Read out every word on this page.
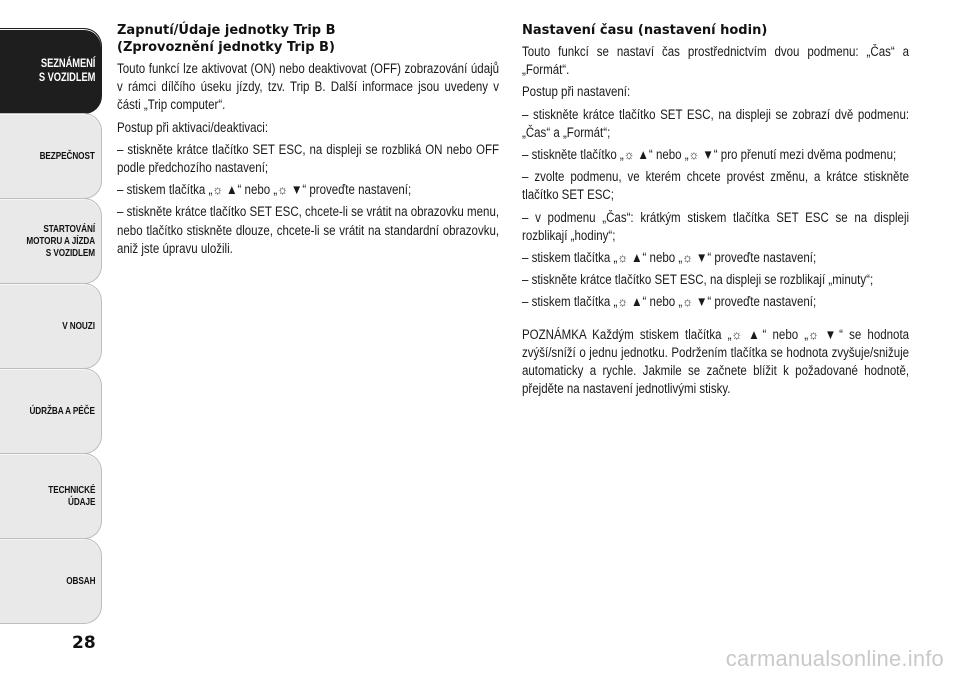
SEZNÁMENÍ
S VOZIDLEM
BEZPEČNOST
STARTOVÁNÍ
MOTORU A JÍZDA
S VOZIDLEM
V NOUZI
ÚDRŽBA A PÉČE
TECHNICKÉ
ÚDAJE
OBSAH
28
Zapnutí/Údaje jednotky Trip B
(Zprovoznění jednotky Trip B)

Touto funkcí lze aktivovat (ON) nebo deaktivovat (OFF) zobrazování údajů v rámci dílčího úseku jízdy, tzv. Trip B. Další informace jsou uvedeny v části „Trip computer“.

Postup při aktivaci/deaktivaci:

– stiskněte krátce tlačítko SET ESC, na displeji se rozbliká ON nebo OFF podle předchozího nastavení;

– stiskem tlačítka „☼ ▲“ nebo „☼ ▼“ proveďte nastavení;

– stiskněte krátce tlačítko SET ESC, chcete-li se vrátit na obrazovku menu, nebo tlačítko stiskněte dlouze, chcete-li se vrátit na standardní obrazovku, aniž jste úpravu uložili.

Nastavení času (nastavení hodin)

Touto funkcí se nastaví čas prostřednictvím dvou podmenu: „Čas“ a „Formát“.

Postup při nastavení:

– stiskněte krátce tlačítko SET ESC, na displeji se zobrazí dvě podmenu: „Čas“ a „Formát“;

– stiskněte tlačítko „☼ ▲“ nebo „☼ ▼“ pro přenutí mezi dvěma podmenu;

– zvolte podmenu, ve kterém chcete provést změnu, a krátce stiskněte tlačítko SET ESC;

– v podmenu „Čas“: krátkým stiskem tlačítka SET ESC se na displeji rozblikají „hodiny“;

– stiskem tlačítka „☼ ▲“ nebo „☼ ▼“ proveďte nastavení;

– stiskněte krátce tlačítko SET ESC, na displeji se rozblikají „minuty“;

– stiskem tlačítka „☼ ▲“ nebo „☼ ▼“ proveďte nastavení;

POZNÁMKA Každým stiskem tlačítka „☼ ▲“ nebo „☼ ▼“ se hodnota zvýší/sníží o jednu jednotku. Podržením tlačítka se hodnota zvyšuje/snižuje automaticky a rychle. Jakmile se začnete blížit k požadované hodnotě, přejděte na nastavení jednotlivými stisky.

carmanualsonline.info
